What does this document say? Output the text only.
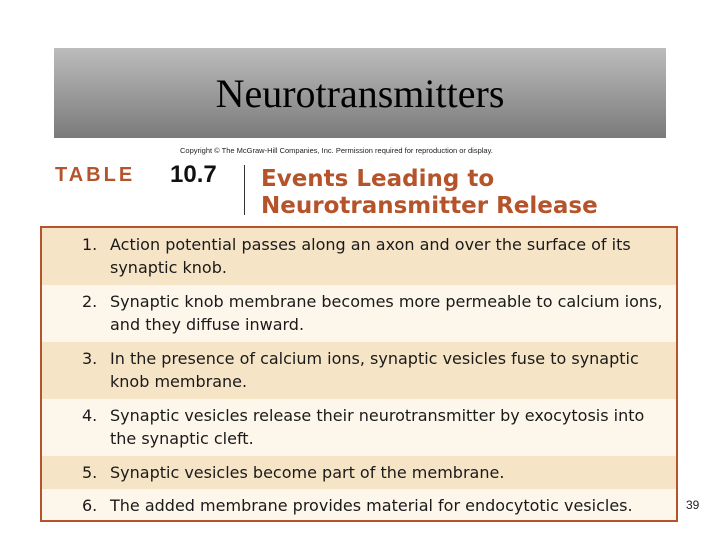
Neurotransmitters
Copyright © The McGraw-Hill Companies, Inc. Permission required for reproduction or display.
TABLE 10.7 Events Leading to Neurotransmitter Release
1. Action potential passes along an axon and over the surface of its synaptic knob.
2. Synaptic knob membrane becomes more permeable to calcium ions, and they diffuse inward.
3. In the presence of calcium ions, synaptic vesicles fuse to synaptic knob membrane.
4. Synaptic vesicles release their neurotransmitter by exocytosis into the synaptic cleft.
5. Synaptic vesicles become part of the membrane.
6. The added membrane provides material for endocytotic vesicles.	39
